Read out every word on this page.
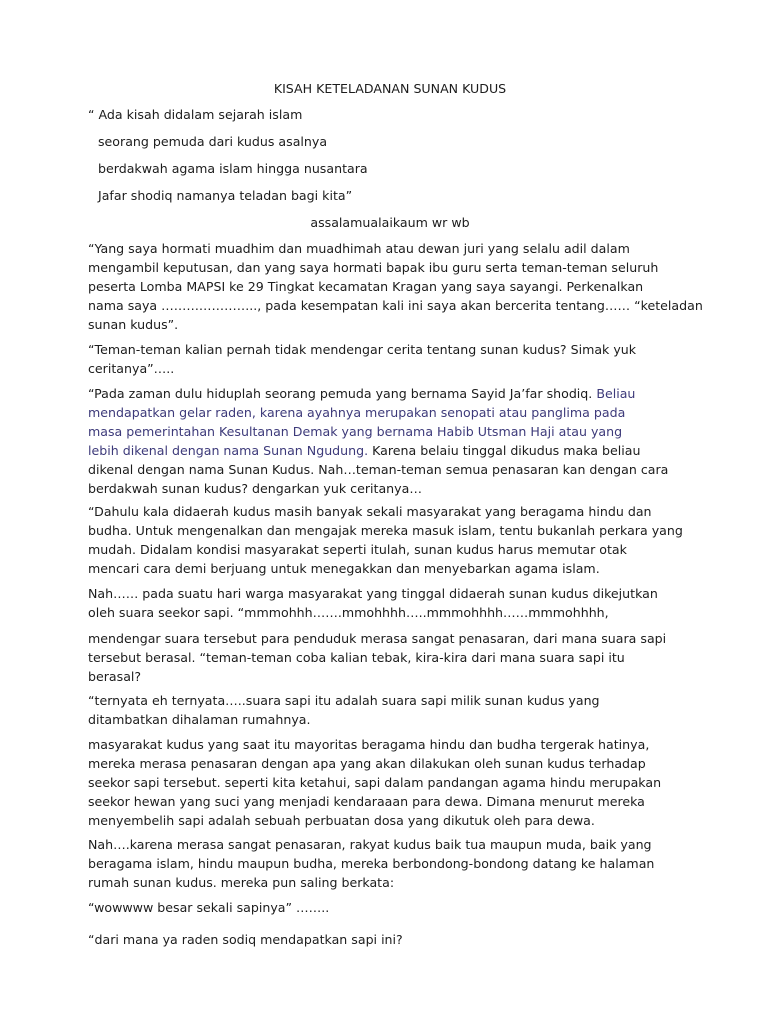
KISAH KETELADANAN SUNAN KUDUS

“ Ada kisah didalam sejarah islam

seorang pemuda dari kudus asalnya

berdakwah agama islam hingga nusantara

Jafar shodiq namanya teladan bagi kita”

assalamualaikaum wr wb

“Yang saya hormati muadhim dan muadhimah atau dewan juri yang selalu adil dalam
mengambil keputusan, dan yang saya hormati bapak ibu guru serta teman-teman seluruh
peserta Lomba MAPSI ke 29 Tingkat kecamatan Kragan yang saya sayangi. Perkenalkan
nama saya ………………….., pada kesempatan kali ini saya akan bercerita tentang…… “keteladan
sunan kudus”.

“Teman-teman kalian pernah tidak mendengar cerita tentang sunan kudus? Simak yuk
ceritanya”…..

“Pada zaman dulu hiduplah seorang pemuda yang bernama Sayid Ja’far shodiq. Beliau
mendapatkan gelar raden, karena ayahnya merupakan senopati atau panglima pada
masa pemerintahan Kesultanan Demak yang bernama Habib Utsman Haji atau yang
lebih dikenal dengan nama Sunan Ngudung. Karena belaiu tinggal dikudus maka beliau
dikenal dengan nama Sunan Kudus. Nah…teman-teman semua penasaran kan dengan cara
berdakwah sunan kudus? dengarkan yuk ceritanya…

“Dahulu kala didaerah kudus masih banyak sekali masyarakat yang beragama hindu dan
budha. Untuk mengenalkan dan mengajak mereka masuk islam, tentu bukanlah perkara yang
mudah. Didalam kondisi masyarakat seperti itulah, sunan kudus harus memutar otak
mencari cara demi berjuang untuk menegakkan dan menyebarkan agama islam.

Nah…… pada suatu hari warga masyarakat yang tinggal didaerah sunan kudus dikejutkan
oleh suara seekor sapi. “mmmohhh…….mmohhhh…..mmmohhhh……mmmohhhh,

mendengar suara tersebut para penduduk merasa sangat penasaran, dari mana suara sapi
tersebut berasal. “teman-teman coba kalian tebak, kira-kira dari mana suara sapi itu
berasal?

“ternyata eh ternyata…..suara sapi itu adalah suara sapi milik sunan kudus yang
ditambatkan dihalaman rumahnya.

masyarakat kudus yang saat itu mayoritas beragama hindu dan budha tergerak hatinya,
mereka merasa penasaran dengan apa yang akan dilakukan oleh sunan kudus terhadap
seekor sapi tersebut. seperti kita ketahui, sapi dalam pandangan agama hindu merupakan
seekor hewan yang suci yang menjadi kendaraaan para dewa. Dimana menurut mereka
menyembelih sapi adalah sebuah perbuatan dosa yang dikutuk oleh para dewa.

Nah….karena merasa sangat penasaran, rakyat kudus baik tua maupun muda, baik yang
beragama islam, hindu maupun budha, mereka berbondong-bondong datang ke halaman
rumah sunan kudus. mereka pun saling berkata:

“wowwww besar sekali sapinya” ……..

“dari mana ya raden sodiq mendapatkan sapi ini?
